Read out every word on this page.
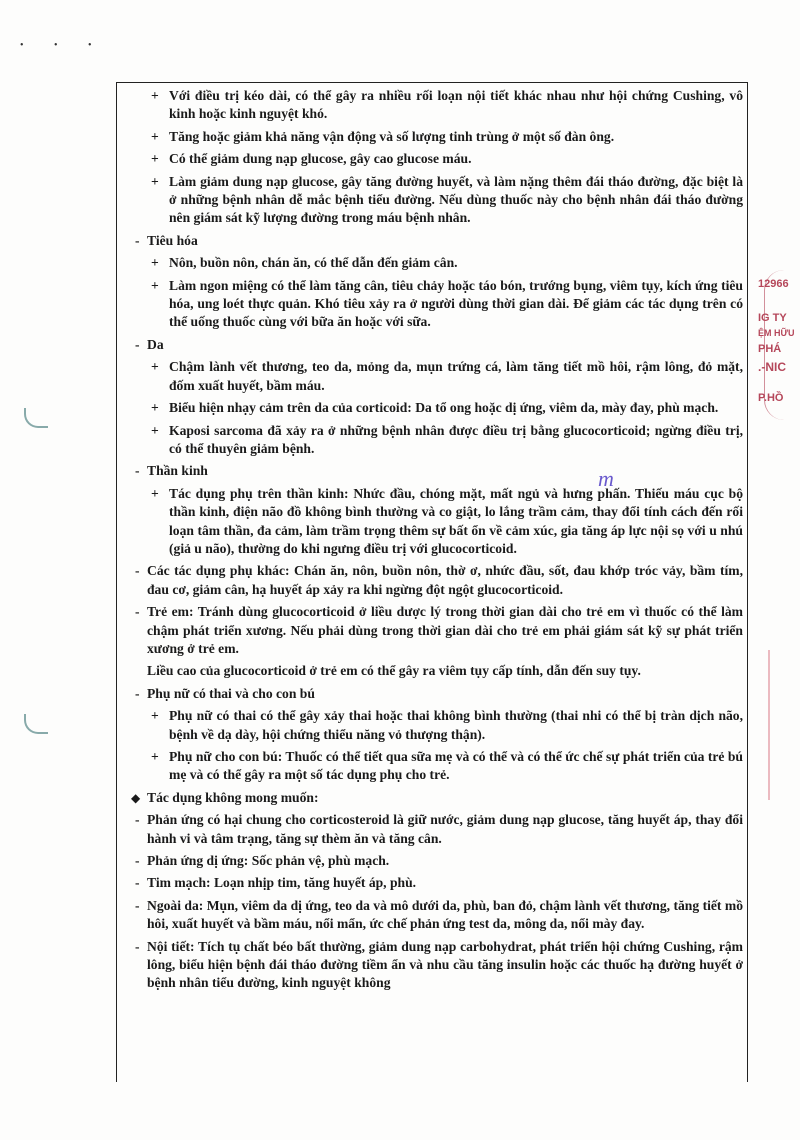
• • •
12966
IG TY
ỆM HỮU
PHÁ
.-NIC
P.HỒ
m
+ Với điều trị kéo dài, có thể gây ra nhiều rối loạn nội tiết khác nhau như hội chứng Cushing, vô kinh hoặc kinh nguyệt khó.
+ Tăng hoặc giảm khả năng vận động và số lượng tinh trùng ở một số đàn ông.
+ Có thể giảm dung nạp glucose, gây cao glucose máu.
+ Làm giảm dung nạp glucose, gây tăng đường huyết, và làm nặng thêm đái tháo đường, đặc biệt là ở những bệnh nhân dễ mắc bệnh tiểu đường. Nếu dùng thuốc này cho bệnh nhân đái tháo đường nên giám sát kỹ lượng đường trong máu bệnh nhân.
- Tiêu hóa
+ Nôn, buồn nôn, chán ăn, có thể dẫn đến giảm cân.
+ Làm ngon miệng có thể làm tăng cân, tiêu chảy hoặc táo bón, trướng bụng, viêm tụy, kích ứng tiêu hóa, ung loét thực quản. Khó tiêu xảy ra ở người dùng thời gian dài. Để giảm các tác dụng trên có thể uống thuốc cùng với bữa ăn hoặc với sữa.
- Da
+ Chậm lành vết thương, teo da, mỏng da, mụn trứng cá, làm tăng tiết mồ hôi, rậm lông, đỏ mặt, đốm xuất huyết, bầm máu.
+ Biểu hiện nhạy cảm trên da của corticoid: Da tổ ong hoặc dị ứng, viêm da, mày đay, phù mạch.
+ Kaposi sarcoma đã xảy ra ở những bệnh nhân được điều trị bằng glucocorticoid; ngừng điều trị, có thể thuyên giảm bệnh.
- Thần kinh
+ Tác dụng phụ trên thần kinh: Nhức đầu, chóng mặt, mất ngủ và hưng phấn. Thiếu máu cục bộ thần kinh, điện não đồ không bình thường và co giật, lo lắng trầm cảm, thay đổi tính cách đến rối loạn tâm thần, đa cảm, làm trầm trọng thêm sự bất ổn về cảm xúc, gia tăng áp lực nội sọ với u nhú (giả u não), thường do khi ngưng điều trị với glucocorticoid.
- Các tác dụng phụ khác: Chán ăn, nôn, buồn nôn, thờ ơ, nhức đầu, sốt, đau khớp tróc vảy, bầm tím, đau cơ, giảm cân, hạ huyết áp xảy ra khi ngừng đột ngột glucocorticoid.
- Trẻ em: Tránh dùng glucocorticoid ở liều dược lý trong thời gian dài cho trẻ em vì thuốc có thể làm chậm phát triển xương. Nếu phải dùng trong thời gian dài cho trẻ em phải giám sát kỹ sự phát triển xương ở trẻ em.
Liều cao của glucocorticoid ở trẻ em có thể gây ra viêm tụy cấp tính, dẫn đến suy tụy.
- Phụ nữ có thai và cho con bú
+ Phụ nữ có thai có thể gây xảy thai hoặc thai không bình thường (thai nhi có thể bị tràn dịch não, bệnh về dạ dày, hội chứng thiểu năng vỏ thượng thận).
+ Phụ nữ cho con bú: Thuốc có thể tiết qua sữa mẹ và có thể và có thể ức chế sự phát triển của trẻ bú mẹ và có thể gây ra một số tác dụng phụ cho trẻ.
◆ Tác dụng không mong muốn:
- Phản ứng có hại chung cho corticosteroid là giữ nước, giảm dung nạp glucose, tăng huyết áp, thay đổi hành vi và tâm trạng, tăng sự thèm ăn và tăng cân.
- Phản ứng dị ứng: Sốc phản vệ, phù mạch.
- Tim mạch: Loạn nhịp tim, tăng huyết áp, phù.
- Ngoài da: Mụn, viêm da dị ứng, teo da và mô dưới da, phù, ban đỏ, chậm lành vết thương, tăng tiết mồ hôi, xuất huyết và bầm máu, nổi mẩn, ức chế phản ứng test da, mông da, nổi mày đay.
- Nội tiết: Tích tụ chất béo bất thường, giảm dung nạp carbohydrat, phát triển hội chứng Cushing, rậm lông, biểu hiện bệnh đái tháo đường tiềm ẩn và nhu cầu tăng insulin hoặc các thuốc hạ đường huyết ở bệnh nhân tiểu đường, kinh nguyệt không
